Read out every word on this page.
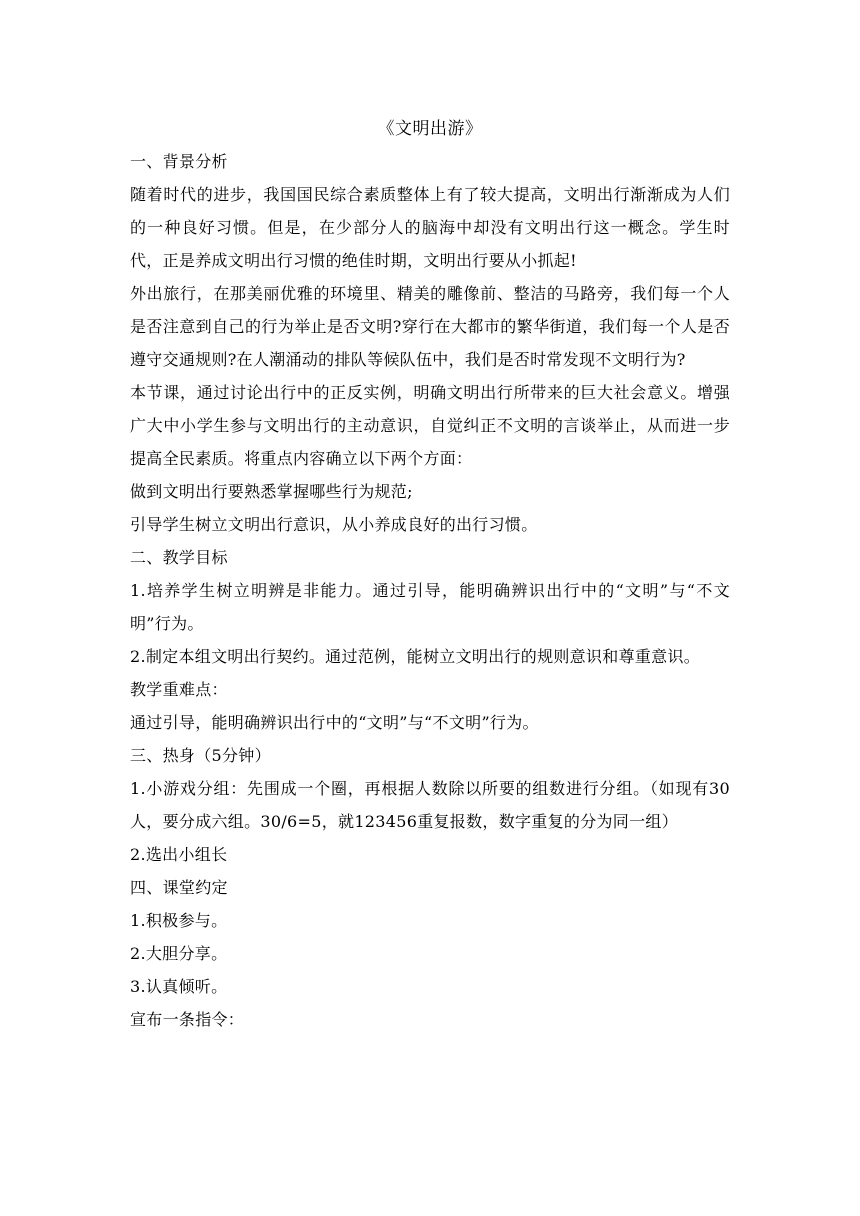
《文明出游》

一、背景分析

随着时代的进步，我国国民综合素质整体上有了较大提高，文明出行渐渐成为人们的一种良好习惯。但是，在少部分人的脑海中却没有文明出行这一概念。学生时代，正是养成文明出行习惯的绝佳时期，文明出行要从小抓起!

外出旅行，在那美丽优雅的环境里、精美的雕像前、整洁的马路旁，我们每一个人是否注意到自己的行为举止是否文明?穿行在大都市的繁华街道，我们每一个人是否遵守交通规则?在人潮涌动的排队等候队伍中，我们是否时常发现不文明行为?

本节课，通过讨论出行中的正反实例，明确文明出行所带来的巨大社会意义。增强广大中小学生参与文明出行的主动意识，自觉纠正不文明的言谈举止，从而进一步提高全民素质。将重点内容确立以下两个方面：

做到文明出行要熟悉掌握哪些行为规范;

引导学生树立文明出行意识，从小养成良好的出行习惯。

二、教学目标

1.培养学生树立明辨是非能力。通过引导，能明确辨识出行中的“文明”与“不文明”行为。

2.制定本组文明出行契约。通过范例，能树立文明出行的规则意识和尊重意识。

教学重难点：

通过引导，能明确辨识出行中的“文明”与“不文明”行为。

三、热身（5分钟）

1.小游戏分组：先围成一个圈，再根据人数除以所要的组数进行分组。（如现有30人，要分成六组。30/6=5，就123456重复报数，数字重复的分为同一组）

2.选出小组长

四、课堂约定

1.积极参与。

2.大胆分享。

3.认真倾听。

宣布一条指令：
